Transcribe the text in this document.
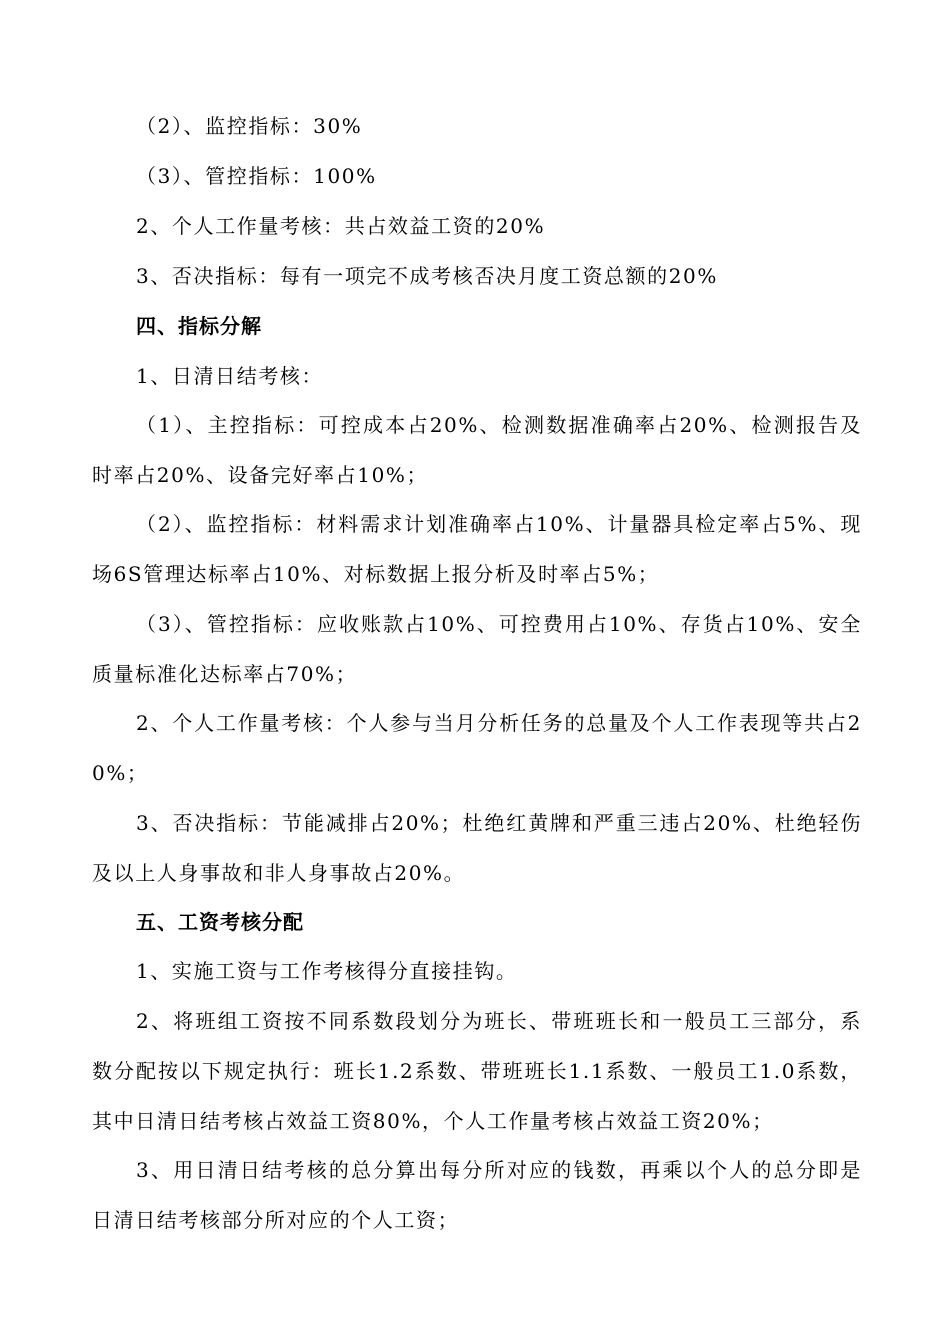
（2）、监控指标：30%

（3）、管控指标：100%

2、个人工作量考核：共占效益工资的20%

3、否决指标：每有一项完不成考核否决月度工资总额的20%

四、指标分解

1、日清日结考核：

（1）、主控指标：可控成本占20%、检测数据准确率占20%、检测报告及时率占20%、设备完好率占10%；

（2）、监控指标：材料需求计划准确率占10%、计量器具检定率占5%、现场6S管理达标率占10%、对标数据上报分析及时率占5%；

（3）、管控指标：应收账款占10%、可控费用占10%、存货占10%、安全质量标准化达标率占70%；

2、个人工作量考核：个人参与当月分析任务的总量及个人工作表现等共占20%；

3、否决指标：节能减排占20%；杜绝红黄牌和严重三违占20%、杜绝轻伤及以上人身事故和非人身事故占20%。

五、工资考核分配

1、实施工资与工作考核得分直接挂钩。

2、将班组工资按不同系数段划分为班长、带班班长和一般员工三部分，系数分配按以下规定执行：班长1.2系数、带班班长1.1系数、一般员工1.0系数，其中日清日结考核占效益工资80%，个人工作量考核占效益工资20%；

3、用日清日结考核的总分算出每分所对应的钱数，再乘以个人的总分即是日清日结考核部分所对应的个人工资；
